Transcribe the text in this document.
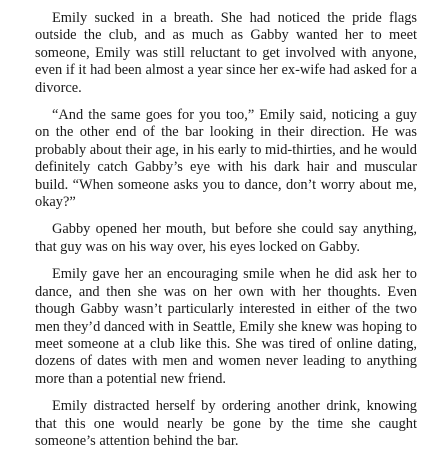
Emily sucked in a breath. She had noticed the pride flags outside the club, and as much as Gabby wanted her to meet someone, Emily was still reluctant to get involved with anyone, even if it had been almost a year since her ex-wife had asked for a divorce.

“And the same goes for you too,” Emily said, noticing a guy on the other end of the bar looking in their direction. He was probably about their age, in his early to mid-thirties, and he would definitely catch Gabby’s eye with his dark hair and muscular build. “When someone asks you to dance, don’t worry about me, okay?”

Gabby opened her mouth, but before she could say anything, that guy was on his way over, his eyes locked on Gabby.

Emily gave her an encouraging smile when he did ask her to dance, and then she was on her own with her thoughts. Even though Gabby wasn’t particularly interested in either of the two men they’d danced with in Seattle, Emily she knew was hoping to meet someone at a club like this. She was tired of online dating, dozens of dates with men and women never leading to anything more than a potential new friend.

Emily distracted herself by ordering another drink, knowing that this one would nearly be gone by the time she caught someone’s attention behind the bar.
